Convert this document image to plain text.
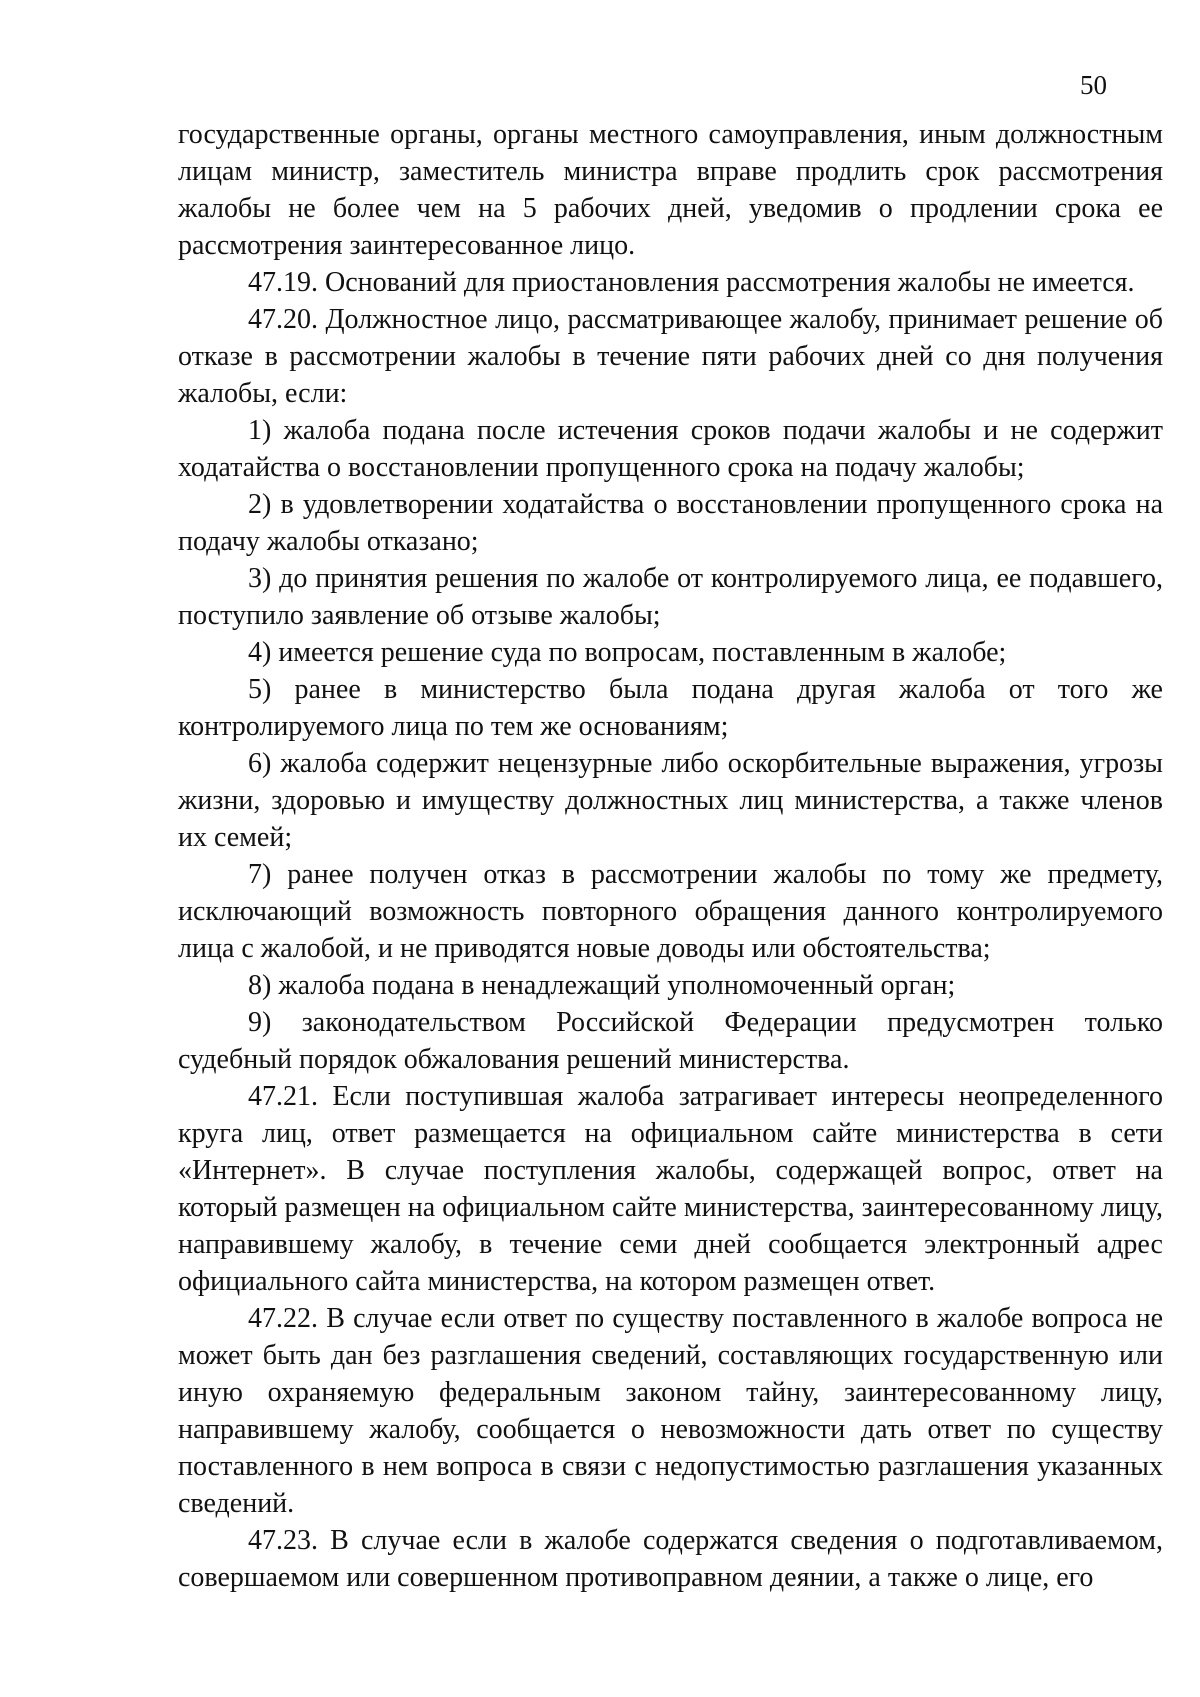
50

государственные органы, органы местного самоуправления, иным должностным лицам министр, заместитель министра вправе продлить срок рассмотрения жалобы не более чем на 5 рабочих дней, уведомив о продлении срока ее рассмотрения заинтересованное лицо.

47.19. Оснований для приостановления рассмотрения жалобы не имеется.

47.20. Должностное лицо, рассматривающее жалобу, принимает решение об отказе в рассмотрении жалобы в течение пяти рабочих дней со дня получения жалобы, если:

1) жалоба подана после истечения сроков подачи жалобы и не содержит ходатайства о восстановлении пропущенного срока на подачу жалобы;

2) в удовлетворении ходатайства о восстановлении пропущенного срока на подачу жалобы отказано;

3) до принятия решения по жалобе от контролируемого лица, ее подавшего, поступило заявление об отзыве жалобы;

4) имеется решение суда по вопросам, поставленным в жалобе;

5) ранее в министерство была подана другая жалоба от того же контролируемого лица по тем же основаниям;

6) жалоба содержит нецензурные либо оскорбительные выражения, угрозы жизни, здоровью и имуществу должностных лиц министерства, а также членов их семей;

7) ранее получен отказ в рассмотрении жалобы по тому же предмету, исключающий возможность повторного обращения данного контролируемого лица с жалобой, и не приводятся новые доводы или обстоятельства;

8) жалоба подана в ненадлежащий уполномоченный орган;

9) законодательством Российской Федерации предусмотрен только судебный порядок обжалования решений министерства.

47.21. Если поступившая жалоба затрагивает интересы неопределенного круга лиц, ответ размещается на официальном сайте министерства в сети «Интернет». В случае поступления жалобы, содержащей вопрос, ответ на который размещен на официальном сайте министерства, заинтересованному лицу, направившему жалобу, в течение семи дней сообщается электронный адрес официального сайта министерства, на котором размещен ответ.

47.22. В случае если ответ по существу поставленного в жалобе вопроса не может быть дан без разглашения сведений, составляющих государственную или иную охраняемую федеральным законом тайну, заинтересованному лицу, направившему жалобу, сообщается о невозможности дать ответ по существу поставленного в нем вопроса в связи с недопустимостью разглашения указанных сведений.

47.23. В случае если в жалобе содержатся сведения о подготавливаемом, совершаемом или совершенном противоправном деянии, а также о лице, его
